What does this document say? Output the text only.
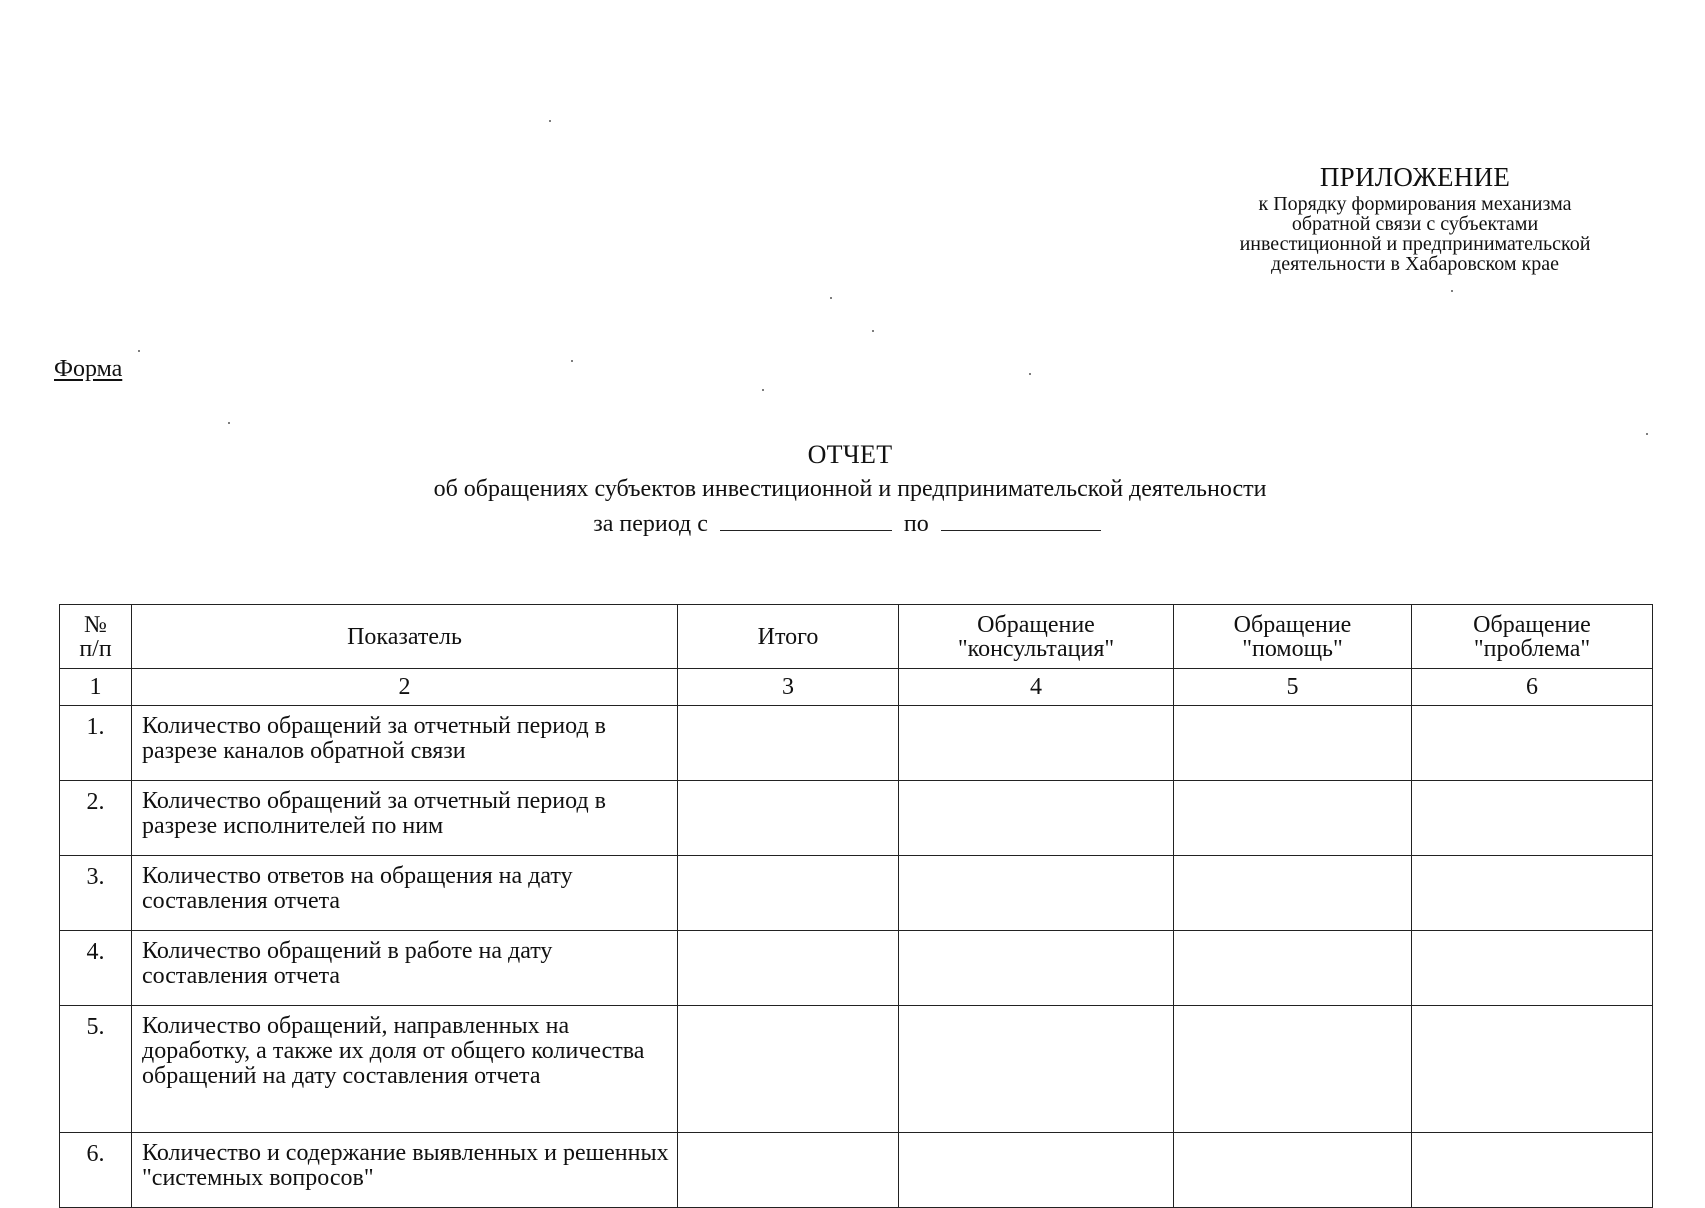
ПРИЛОЖЕНИЕ
к Порядку формирования механизма
обратной связи с субъектами
инвестиционной и предпринимательской
деятельности в Хабаровском крае
Форма
ОТЧЕТ
об обращениях субъектов инвестиционной и предпринимательской деятельности
за период с	по
№ п/п	Показатель	Итого	Обращение "консультация"	Обращение "помощь"	Обращение "проблема"
1	2	3	4	5	6
1.	Количество обращений за отчетный период в разрезе каналов обратной связи				
2.	Количество обращений за отчетный период в разрезе исполнителей по ним				
3.	Количество ответов на обращения на дату составления отчета				
4.	Количество обращений в работе на дату составления отчета				
5.	Количество обращений, направленных на доработку, а также их доля от общего количества обращений на дату составления отчета				
6.	Количество и содержание выявленных и решенных "системных вопросов"				
